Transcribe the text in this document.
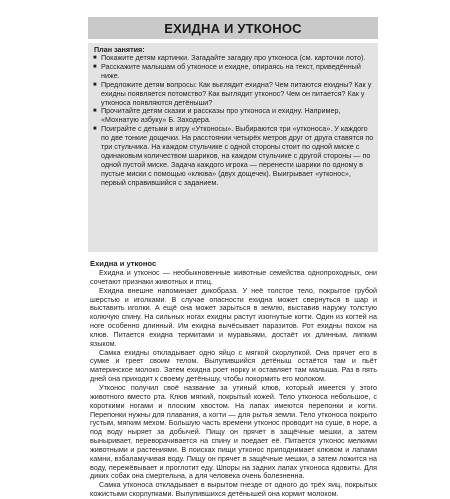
ЕХИДНА И УТКОНОС
План занятия:
■ Покажите детям картинки. Загадайте загадку про утконоса (см. карточки лото).
■ Расскажите малышам об утконосе и ехидне, опираясь на текст, приведённый ниже.
■ Предложите детям вопросы: Как выглядит ехидна? Чем питаются ехидны? Как у ехидны появляется потомство? Как выглядит утконос? Чем он питается? Как у утконоса появляются детёныши?
■ Прочитайте детям сказки и рассказы про утконоса и ехидну. Например, «Мохнатую азбуку» Б. Заходера.
■ Поиграйте с детьми в игру «Утконосы». Выбираются три «утконоса». У каждого по две тонкие дощечки. На расстоянии четырёх метров друг от друга ставятся по три стульчика. На каждом стульчике с одной стороны стоит по одной миске с одинаковым количеством шариков, на каждом стульчике с другой стороны — по одной пустой миске. Задача каждого игрока — перенести шарики по одному в пустые миски с помощью «клюва» (двух дощечек). Выигрывает «утконос», первый справившийся с заданием.
Ехидна и утконос

Ехидна и утконос — необыкновенные животные семейства однопроходных, они сочетают признаки животных и птиц.

Ехидна внешне напоминает дикобраза. У неё толстое тело, покрытое грубой шерстью и иголками. В случае опасности ехидна может свернуться в шар и выставить иголки. А ещё она может зарыться в землю, выставив наружу толстую колючую спину. На сильных ногах ехидны растут изогнутые когти. Один из когтей на ноге особенно длинный. Им ехидна вычёсывает паразитов. Рот ехидны похож на клюв. Питается ехидна термитами и муравьями, достаёт их длинным, липким языком.

Самка ехидны откладывает одно яйцо с мягкой скорлупкой. Она прячет его в сумке и греет своим телом. Вылупившийся детёныш остаётся там и пьёт материнское молоко. Затем ехидна роет норку и оставляет там малыша. Раз в пять дней она приходит к своему детёнышу, чтобы покормить его молоком.

Утконос получил своё название за утиный клюв, который имеется у этого животного вместо рта. Клюв мягкий, покрытый кожей. Тело утконоса небольшое, с короткими ногами и плоским хвостом. На лапах имеются перепонки и когти. Перепонки нужны для плавания, а когти — для рытья земли. Тело утконоса покрыто густым, мягким мехом. Большую часть времени утконос проводит на суше, в норе, а под воду ныряет за добычей. Пищу он прячет в защёчные мешки, а затем выныривает, переворачивается на спину и поедает её. Питается утконос мелкими животными и растениями. В поисках пищи утконос приподнимает клювом и лапами камни, взбаламучивая воду. Пищу он прячет в защёчные мешки, а затем ложится на воду, пережёвывает и проглотит еду. Шпоры на задних лапах утконоса ядовиты. Для диких собак она смертельна, а для человека очень болезненна.

Самка утконоса откладывает в вырытом гнезде от одного до трёх яиц, покрытых кожистыми скорлупками. Вылупившихся детёнышей она кормит молоком.
